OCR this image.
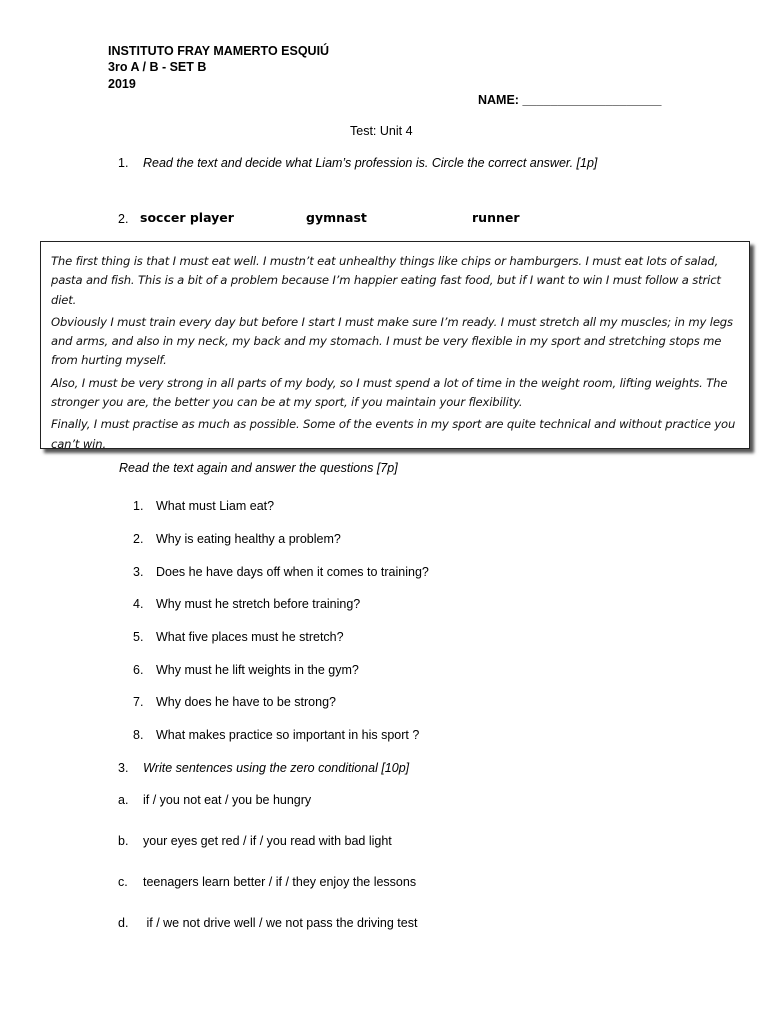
INSTITUTO FRAY MAMERTO ESQUIÚ
3ro A / B - SET B
2019
NAME: ____________________
Test: Unit 4
1. Read the text and decide what Liam’s profession is. Circle the correct answer. [1p]
2. soccer player	gymnast	runner

The first thing is that I must eat well. I mustn’t eat unhealthy things like chips or hamburgers. I must eat lots of salad, pasta and fish. This is a bit of a problem because I’m happier eating fast food, but if I want to win I must follow a strict diet.

Obviously I must train every day but before I start I must make sure I’m ready. I must stretch all my muscles; in my legs and arms, and also in my neck, my back and my stomach. I must be very flexible in my sport and stretching stops me from hurting myself.

Also, I must be very strong in all parts of my body, so I must spend a lot of time in the weight room, lifting weights. The stronger you are, the better you can be at my sport, if you maintain your flexibility.

Finally, I must practise as much as possible. Some of the events in my sport are quite technical and without practice you can’t win.

Read the text again and answer the questions [7p]
1. What must Liam eat?
2. Why is eating healthy a problem?
3. Does he have days off when it comes to training?
4. Why must he stretch before training?
5. What five places must he stretch?
6. Why must he lift weights in the gym?
7. Why does he have to be strong?
8. What makes practice so important in his sport ?
3. Write sentences using the zero conditional [10p]
a. if / you not eat / you be hungry
b. your eyes get red / if / you read with bad light
c. teenagers learn better / if / they enjoy the lessons
d. if / we not drive well / we not pass the driving test
